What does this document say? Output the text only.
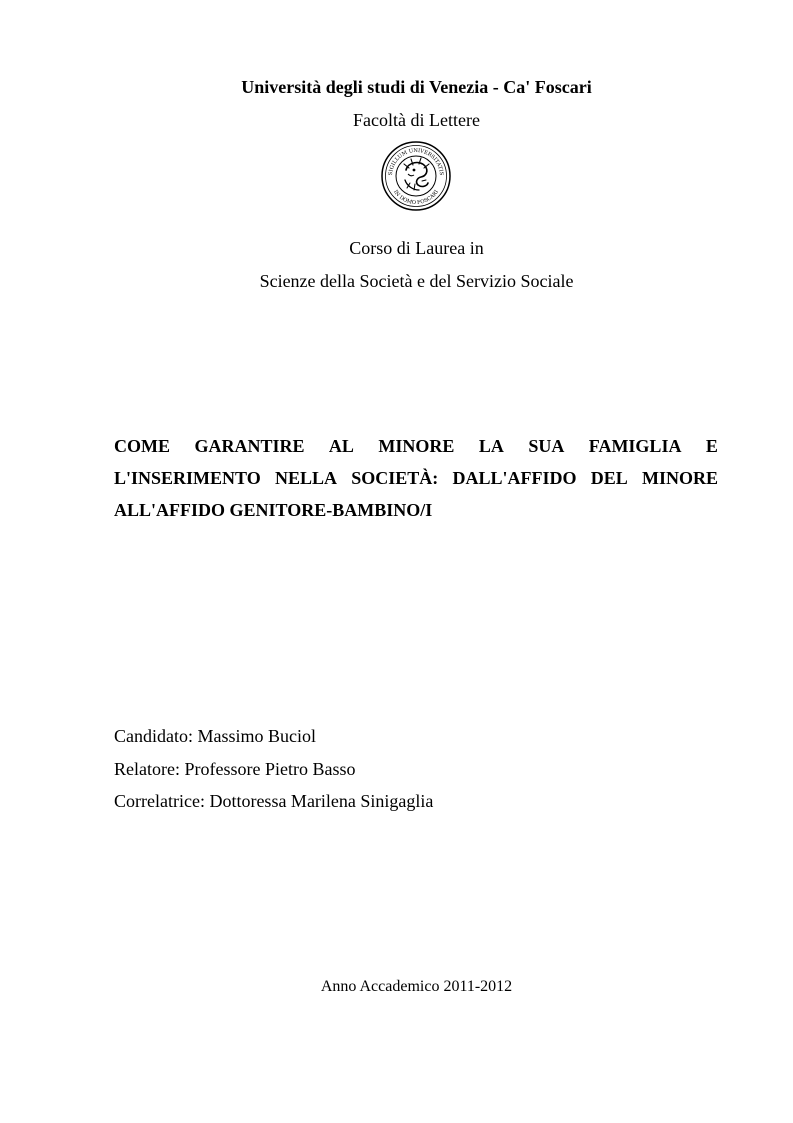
Università degli studi di Venezia - Ca' Foscari
Facoltà di Lettere
SIGILLUM UNIVERSITATIS
IN DOMO FOSCARI
Corso di Laurea in
Scienze della Società e del Servizio Sociale
COME GARANTIRE AL MINORE LA SUA FAMIGLIA E
L'INSERIMENTO NELLA SOCIETÀ: DALL'AFFIDO DEL MINORE
ALL'AFFIDO GENITORE-BAMBINO/I
Candidato: Massimo Buciol
Relatore: Professore Pietro Basso
Correlatrice: Dottoressa Marilena Sinigaglia
Anno Accademico 2011-2012
